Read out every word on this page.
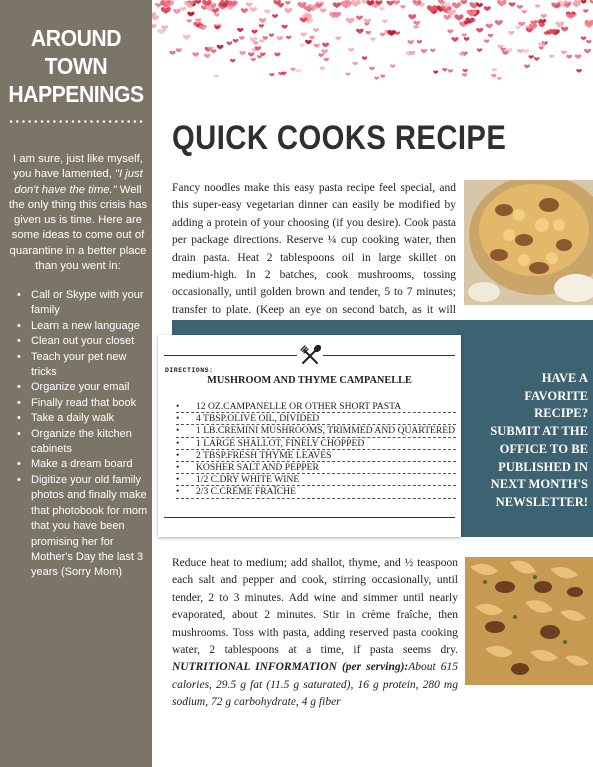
AROUND
TOWN
HAPPENINGS

I am sure, just like myself, you have lamented, "I just don't have the time." Well the only thing this crisis has given us is time. Here are some ideas to come out of quarantine in a better place than you went in:

• Call or Skype with your family
• Learn a new language
• Clean out your closet
• Teach your pet new tricks
• Organize your email
• Finally read that book
• Take a daily walk
• Organize the kitchen cabinets
• Make a dream board
• Digitize your old family photos and finally make that photobook for mom that you have been promising her for Mother's Day the last 3 years (Sorry Mom)
QUICK COOKS RECIPE

Fancy noodles make this easy pasta recipe feel special, and this super-easy vegetarian dinner can easily be modified by adding a protein of your choosing (if you desire). Cook pasta per package directions. Reserve ¼ cup cooking water, then drain pasta. Heat 2 tablespoons oil in large skillet on medium-high. In 2 batches, cook mushrooms, tossing occasionally, until golden brown and tender, 5 to 7 minutes; transfer to plate. (Keep an eye on second batch, as it will

HAVE A
FAVORITE
RECIPE?
SUBMIT AT THE
OFFICE TO BE
PUBLISHED IN
NEXT MONTH'S
NEWSLETTER!
DIRECTIONS:
MUSHROOM AND THYME CAMPANELLE
• 12 OZ.CAMPANELLE OR OTHER SHORT PASTA
• 4 TBSP.OLIVE OIL, DIVIDED
• 1 LB.CREMINI MUSHROOMS, TRIMMED AND QUARTERED
• 1 LARGE SHALLOT, FINELY CHOPPED
• 2 TBSP.FRESH THYME LEAVES
• KOSHER SALT AND PEPPER
• 1/2 C.DRY WHITE WINE
• 2/3 C.CRÈME FRAÎCHE

Reduce heat to medium; add shallot, thyme, and ½ teaspoon each salt and pepper and cook, stirring occasionally, until tender, 2 to 3 minutes. Add wine and simmer until nearly evaporated, about 2 minutes. Stir in crème fraîche, then mushrooms. Toss with pasta, adding reserved pasta cooking water, 2 tablespoons at a time, if pasta seems dry. NUTRITIONAL INFORMATION (per serving):About 615 calories, 29.5 g fat (11.5 g saturated), 16 g protein, 280 mg sodium, 72 g carbohydrate, 4 g fiber
